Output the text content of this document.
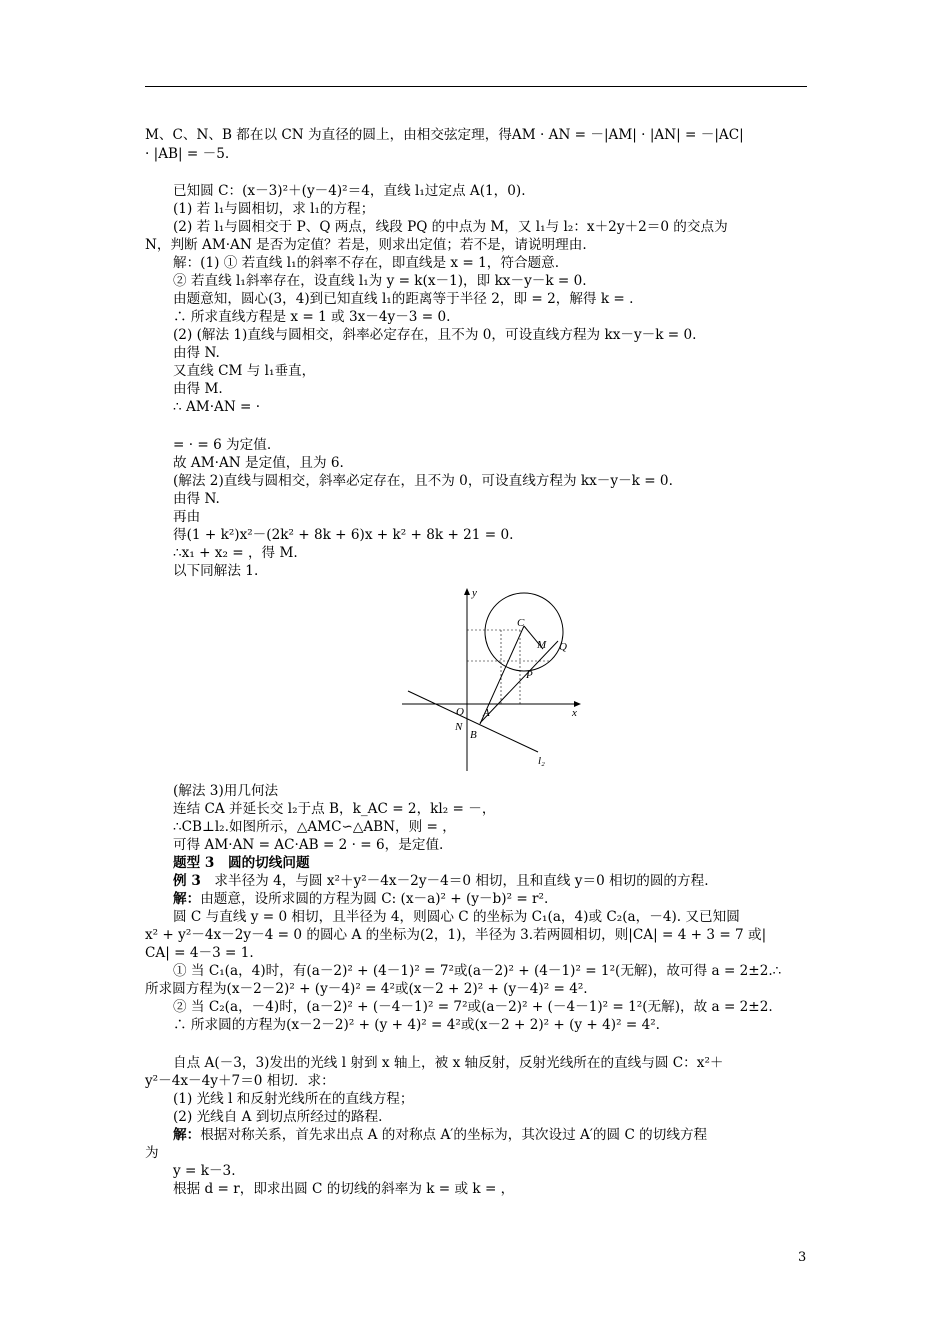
M、C、N、B 都在以 CN 为直径的圆上，由相交弦定理，得AM · AN = －|AM| · |AN| = －|AC|
· |AB| = －5.
已知圆 C：(x－3)²＋(y－4)²＝4，直线 l₁过定点 A(1，0).
(1) 若 l₁与圆相切，求 l₁的方程；
(2) 若 l₁与圆相交于 P、Q 两点，线段 PQ 的中点为 M，又 l₁与 l₂：x＋2y＋2＝0 的交点为
N，判断 AM·AN 是否为定值？若是，则求出定值；若不是，请说明理由.
解：(1) ① 若直线 l₁的斜率不存在，即直线是 x = 1，符合题意.
② 若直线 l₁斜率存在，设直线 l₁为 y = k(x－1)，即 kx－y－k = 0.
由题意知，圆心(3，4)到已知直线 l₁的距离等于半径 2，即 = 2，解得 k = .
∴ 所求直线方程是 x = 1 或 3x－4y－3 = 0.
(2) (解法 1)直线与圆相交，斜率必定存在，且不为 0，可设直线方程为 kx－y－k = 0.
由得 N.
又直线 CM 与 l₁垂直，
由得 M.
∴ AM·AN = ·
= · = 6 为定值.
故 AM·AN 是定值，且为 6.
(解法 2)直线与圆相交，斜率必定存在，且不为 0，可设直线方程为 kx－y－k = 0.
由得 N.
再由
得(1 + k²)x²－(2k² + 8k + 6)x + k² + 8k + 21 = 0.
∴x₁ + x₂ = ，得 M.
以下同解法 1.
(解法 3)用几何法
连结 CA 并延长交 l₂于点 B，k_AC = 2，kl₂ = －，
∴CB⊥l₂.如图所示，△AMC∽△ABN，则 = ，
可得 AM·AN = AC·AB = 2 · = 6，是定值.
题型 3　圆的切线问题
例 3　求半径为 4，与圆 x²＋y²－4x－2y－4＝0 相切，且和直线 y＝0 相切的圆的方程.
解：由题意，设所求圆的方程为圆 C: (x－a)² + (y－b)² = r².
圆 C 与直线 y = 0 相切，且半径为 4，则圆心 C 的坐标为 C₁(a，4)或 C₂(a，－4). 又已知圆
x² + y²－4x－2y－4 = 0 的圆心 A 的坐标为(2，1)，半径为 3.若两圆相切，则|CA| = 4 + 3 = 7 或|
CA| = 4－3 = 1.
① 当 C₁(a，4)时，有(a－2)² + (4－1)² = 7²或(a－2)² + (4－1)² = 1²(无解)，故可得 a = 2±2.∴
所求圆方程为(x－2－2)² + (y－4)² = 4²或(x－2 + 2)² + (y－4)² = 4².
② 当 C₂(a，－4)时，(a－2)² + (－4－1)² = 7²或(a－2)² + (－4－1)² = 1²(无解)，故 a = 2±2.
∴ 所求圆的方程为(x－2－2)² + (y + 4)² = 4²或(x－2 + 2)² + (y + 4)² = 4².
自点 A(－3，3)发出的光线 l 射到 x 轴上，被 x 轴反射，反射光线所在的直线与圆 C：x²＋
y²－4x－4y＋7＝0 相切．求：
(1) 光线 l 和反射光线所在的直线方程；
(2) 光线自 A 到切点所经过的路程.
解：根据对称关系，首先求出点 A 的对称点 A′的坐标为，其次设过 A′的圆 C 的切线方程
为
y = k－3.
根据 d = r，即求出圆 C 的切线的斜率为 k = 或 k = ，
y
x
O A
N
B
C
M Q
P
l₂
3
